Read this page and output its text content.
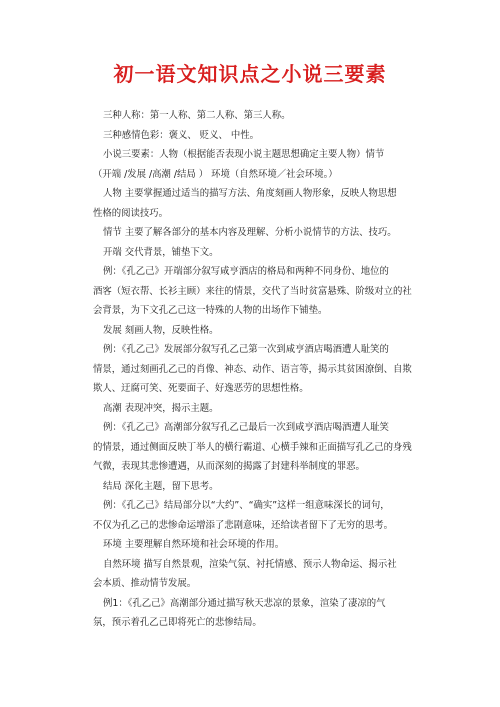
初一语文知识点之小说三要素

三种人称：第一人称、第二人称、第三人称。

三种感情色彩：褒义、 贬义、 中性。

小说三要素：人物（根据能否表现小说主题思想确定主要人物）情节

（开端 /发展 /高潮 /结局 ） 环境（自然环境／社会环境。）

人物 主要掌握通过适当的描写方法、角度刻画人物形象，反映人物思想

性格的阅读技巧。

情节 主要了解各部分的基本内容及理解、分析小说情节的方法、技巧。

开端 交代背景，铺垫下文。

例：《孔乙己》开端部分叙写咸亨酒店的格局和两种不同身份、地位的

酒客（短衣帮、长衫主顾）来往的情景，交代了当时贫富悬殊、阶级对立的社

会背景，为下文孔乙己这一特殊的人物的出场作下铺垫。

发展 刻画人物，反映性格。

例：《孔乙己》发展部分叙写孔乙己第一次到咸亨酒店喝酒遭人耻笑的

情景，通过刻画孔乙己的肖像、神态、动作、语言等，揭示其贫困潦倒、自欺

欺人、迂腐可笑、死要面子、好逸恶劳的思想性格。

高潮 表现冲突，揭示主题。

例：《孔乙己》高潮部分叙写孔乙己最后一次到咸亨酒店喝酒遭人耻笑

的情景，通过侧面反映丁举人的横行霸道、心横手辣和正面描写孔乙己的身残

气微，表现其悲惨遭遇，从而深刻的揭露了封建科举制度的罪恶。

结局 深化主题，留下思考。

例：《孔乙己》结局部分以“大约”、“确实”这样一组意味深长的词句，

不仅为孔乙己的悲惨命运增添了悲剧意味，还给读者留下了无穷的思考。

环境 主要理解自然环境和社会环境的作用。

自然环境 描写自然景观，渲染气氛、衬托情感、预示人物命运、揭示社

会本质、推动情节发展。

例1：《孔乙己》高潮部分通过描写秋天悲凉的景象，渲染了凄凉的气

氛，预示着孔乙己即将死亡的悲惨结局。
